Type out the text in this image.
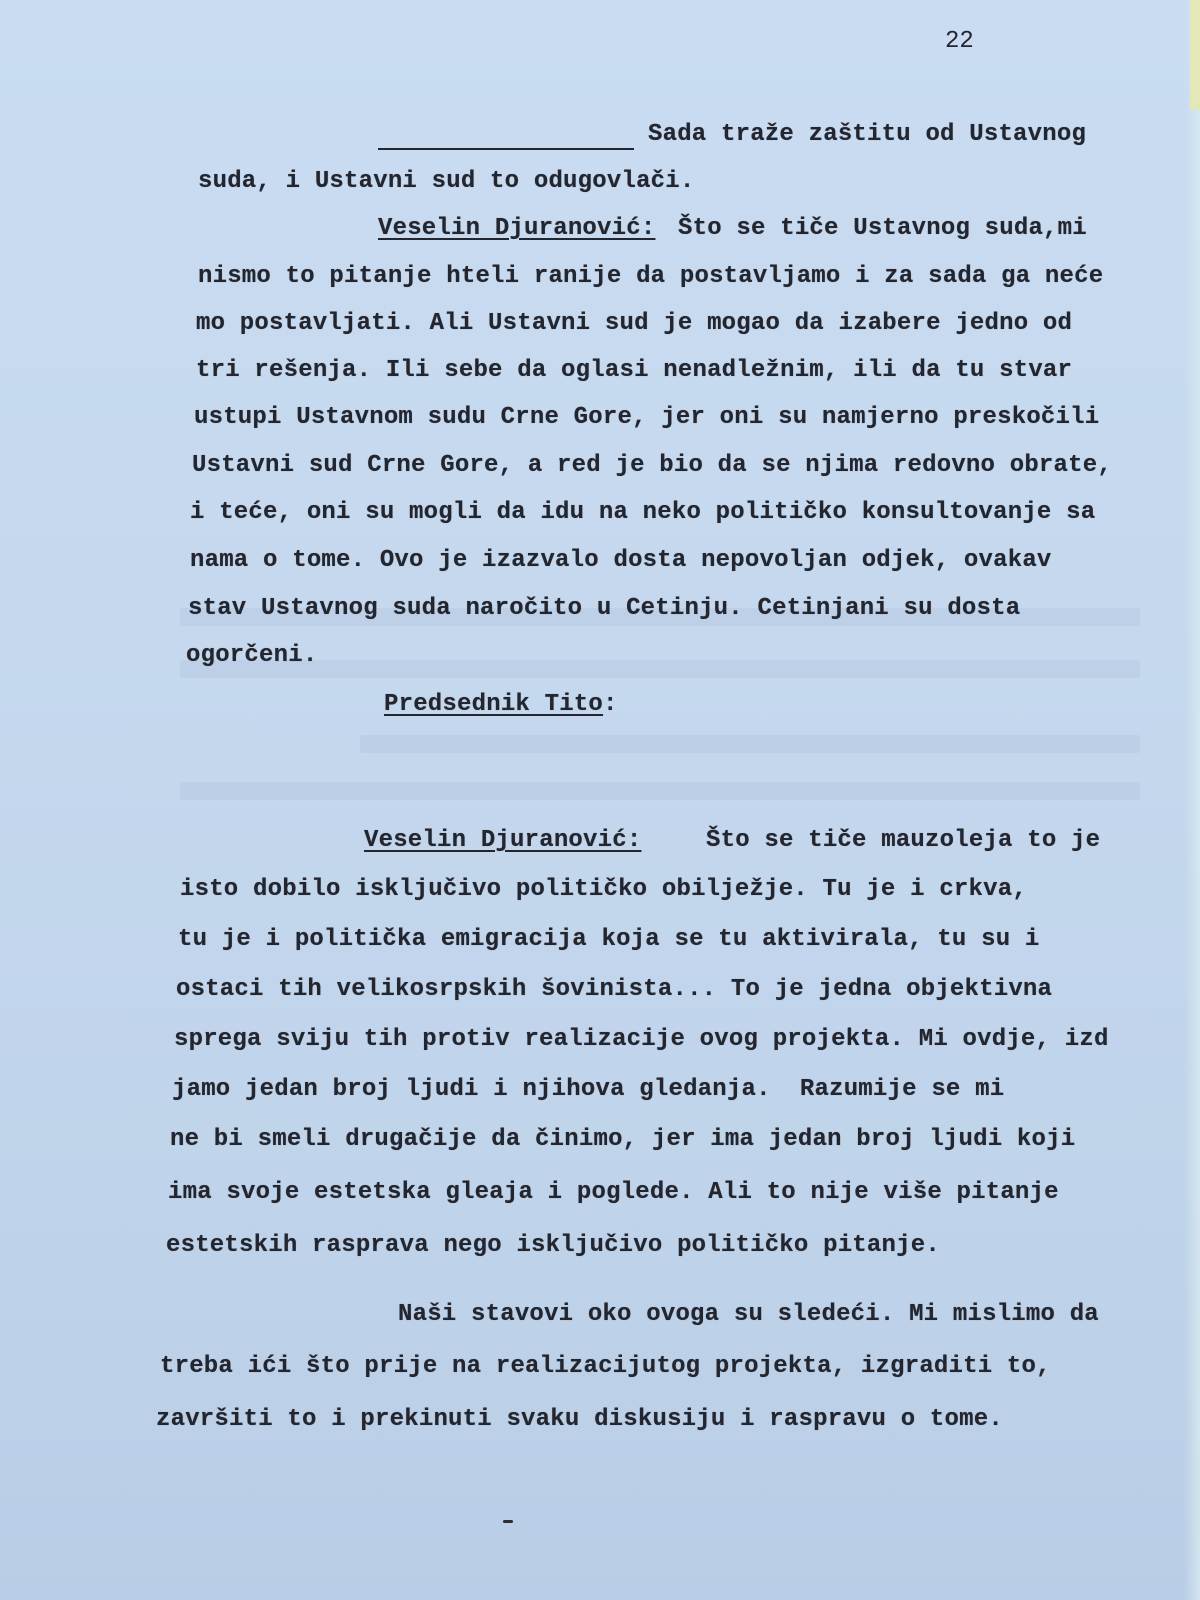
22
Sada traže zaštitu od Ustavnog
suda, i Ustavni sud to odugovlači.
Veselin Djuranović: Što se tiče Ustavnog suda,mi
nismo to pitanje hteli ranije da postavljamo i za sada ga neće
mo postavljati. Ali Ustavni sud je mogao da izabere jedno od
tri rešenja. Ili sebe da oglasi nenadležnim, ili da tu stvar
ustupi Ustavnom sudu Crne Gore, jer oni su namjerno preskočili
Ustavni sud Crne Gore, a red je bio da se njima redovno obrate,
i teće, oni su mogli da idu na neko političko konsultovanje sa
nama o tome. Ovo je izazvalo dosta nepovoljan odjek, ovakav
stav Ustavnog suda naročito u Cetinju. Cetinjani su dosta
ogorčeni.
Predsednik Tito:
Veselin Djuranović:	Što se tiče mauzoleja to je
isto dobilo isključivo političko obilježje. Tu je i crkva,
tu je i politička emigracija koja se tu aktivirala, tu su i
ostaci tih velikosrpskih šovinista... To je jedna objektivna
sprega sviju tih protiv realizacije ovog projekta. Mi ovdje, izd
jamo jedan broj ljudi i njihova gledanja.  Razumije se mi
ne bi smeli drugačije da činimo, jer ima jedan broj ljudi koji
ima svoje estetska gleaja i poglede. Ali to nije više pitanje
estetskih rasprava nego isključivo političko pitanje.
Naši stavovi oko ovoga su sledeći. Mi mislimo da
treba ići što prije na realizacijutog projekta, izgraditi to,
završiti to i prekinuti svaku diskusiju i raspravu o tome.
